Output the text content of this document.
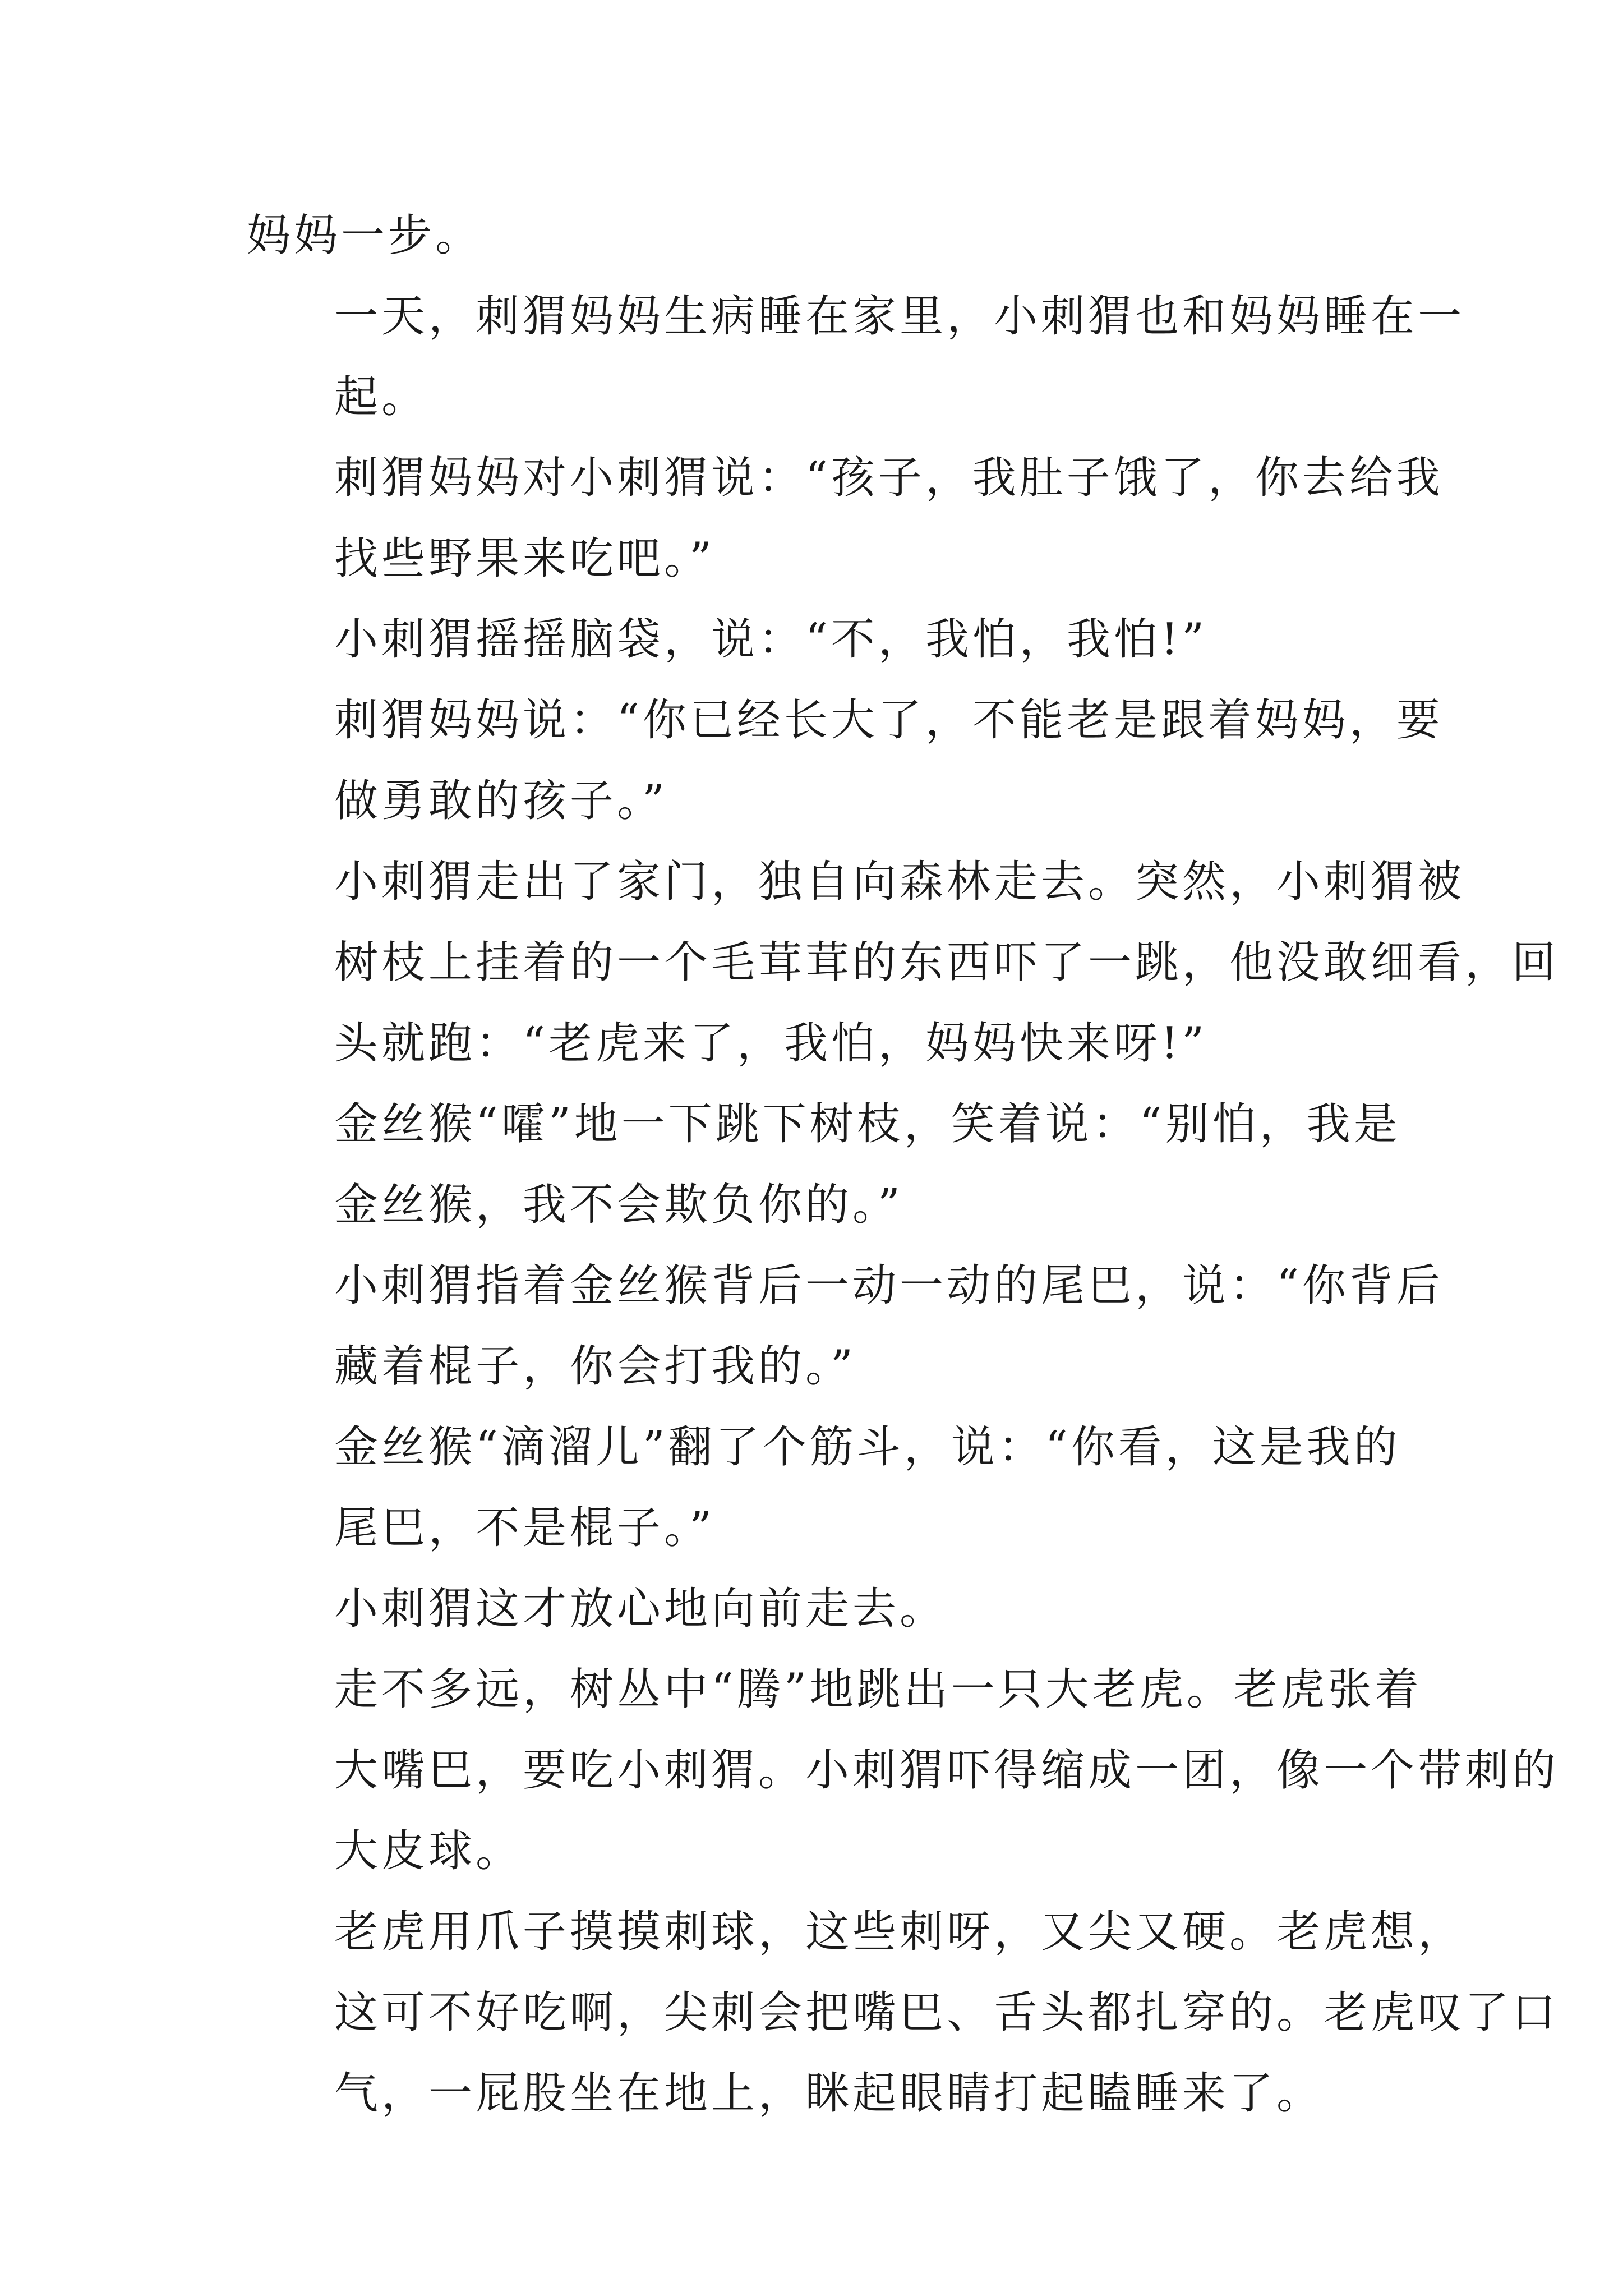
妈妈一步。
一天，刺猬妈妈生病睡在家里，小刺猬也和妈妈睡在一
起。
刺猬妈妈对小刺猬说：“孩子，我肚子饿了，你去给我
找些野果来吃吧。”
小刺猬摇摇脑袋，说：“不，我怕，我怕!”
刺猬妈妈说：“你已经长大了，不能老是跟着妈妈，要
做勇敢的孩子。”
小刺猬走出了家门，独自向森林走去。突然，小刺猬被
树枝上挂着的一个毛茸茸的东西吓了一跳，他没敢细看，回
头就跑：“老虎来了，我怕，妈妈快来呀!”
金丝猴“嚯”地一下跳下树枝，笑着说：“别怕，我是
金丝猴，我不会欺负你的。”
小刺猬指着金丝猴背后一动一动的尾巴，说：“你背后
藏着棍子，你会打我的。”
金丝猴“滴溜儿”翻了个筋斗，说：“你看，这是我的
尾巴，不是棍子。”
小刺猬这才放心地向前走去。
走不多远，树丛中“腾”地跳出一只大老虎。老虎张着
大嘴巴，要吃小刺猬。小刺猬吓得缩成一团，像一个带刺的
大皮球。
老虎用爪子摸摸刺球，这些刺呀，又尖又硬。老虎想，
这可不好吃啊，尖刺会把嘴巴、舌头都扎穿的。老虎叹了口
气，一屁股坐在地上，眯起眼睛打起瞌睡来了。
